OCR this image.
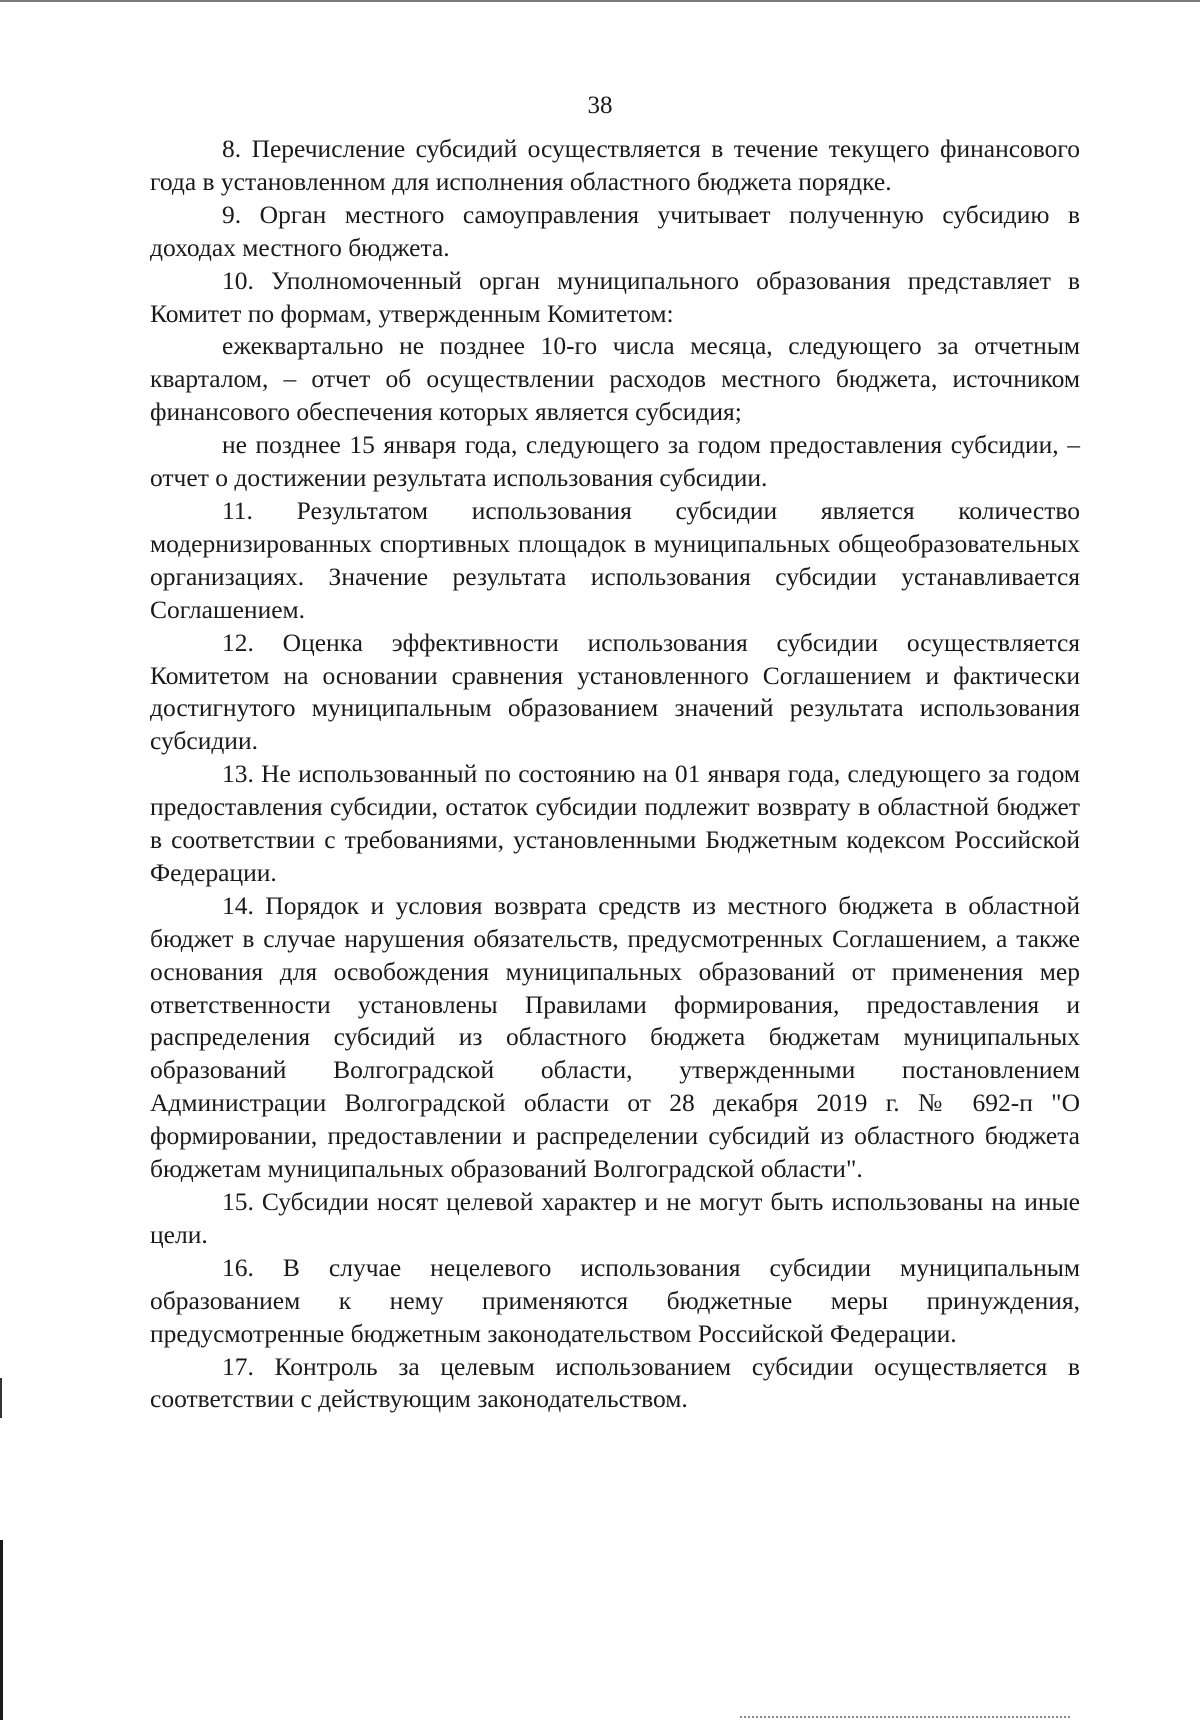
38

8. Перечисление субсидий осуществляется в течение текущего финансового года в установленном для исполнения областного бюджета порядке.

9. Орган местного самоуправления учитывает полученную субсидию в доходах местного бюджета.

10. Уполномоченный орган муниципального образования представляет в Комитет по формам, утвержденным Комитетом:

ежеквартально не позднее 10-го числа месяца, следующего за отчетным кварталом, – отчет об осуществлении расходов местного бюджета, источником финансового обеспечения которых является субсидия;

не позднее 15 января года, следующего за годом предоставления субсидии, – отчет о достижении результата использования субсидии.

11. Результатом использования субсидии является количество модернизированных спортивных площадок в муниципальных общеобразовательных организациях. Значение результата использования субсидии устанавливается Соглашением.

12. Оценка эффективности использования субсидии осуществляется Комитетом на основании сравнения установленного Соглашением и фактически достигнутого муниципальным образованием значений результата использования субсидии.

13. Не использованный по состоянию на 01 января года, следующего за годом предоставления субсидии, остаток субсидии подлежит возврату в областной бюджет в соответствии с требованиями, установленными Бюджетным кодексом Российской Федерации.

14. Порядок и условия возврата средств из местного бюджета в областной бюджет в случае нарушения обязательств, предусмотренных Соглашением, а также основания для освобождения муниципальных образований от применения мер ответственности установлены Правилами формирования, предоставления и распределения субсидий из областного бюджета бюджетам муниципальных образований Волгоградской области, утвержденными постановлением Администрации Волгоградской области от 28 декабря 2019 г. № 692-п "О формировании, предоставлении и распределении субсидий из областного бюджета бюджетам муниципальных образований Волгоградской области".

15. Субсидии носят целевой характер и не могут быть использованы на иные цели.

16. В случае нецелевого использования субсидии муниципальным образованием к нему применяются бюджетные меры принуждения, предусмотренные бюджетным законодательством Российской Федерации.

17. Контроль за целевым использованием субсидии осуществляется в соответствии с действующим законодательством.
